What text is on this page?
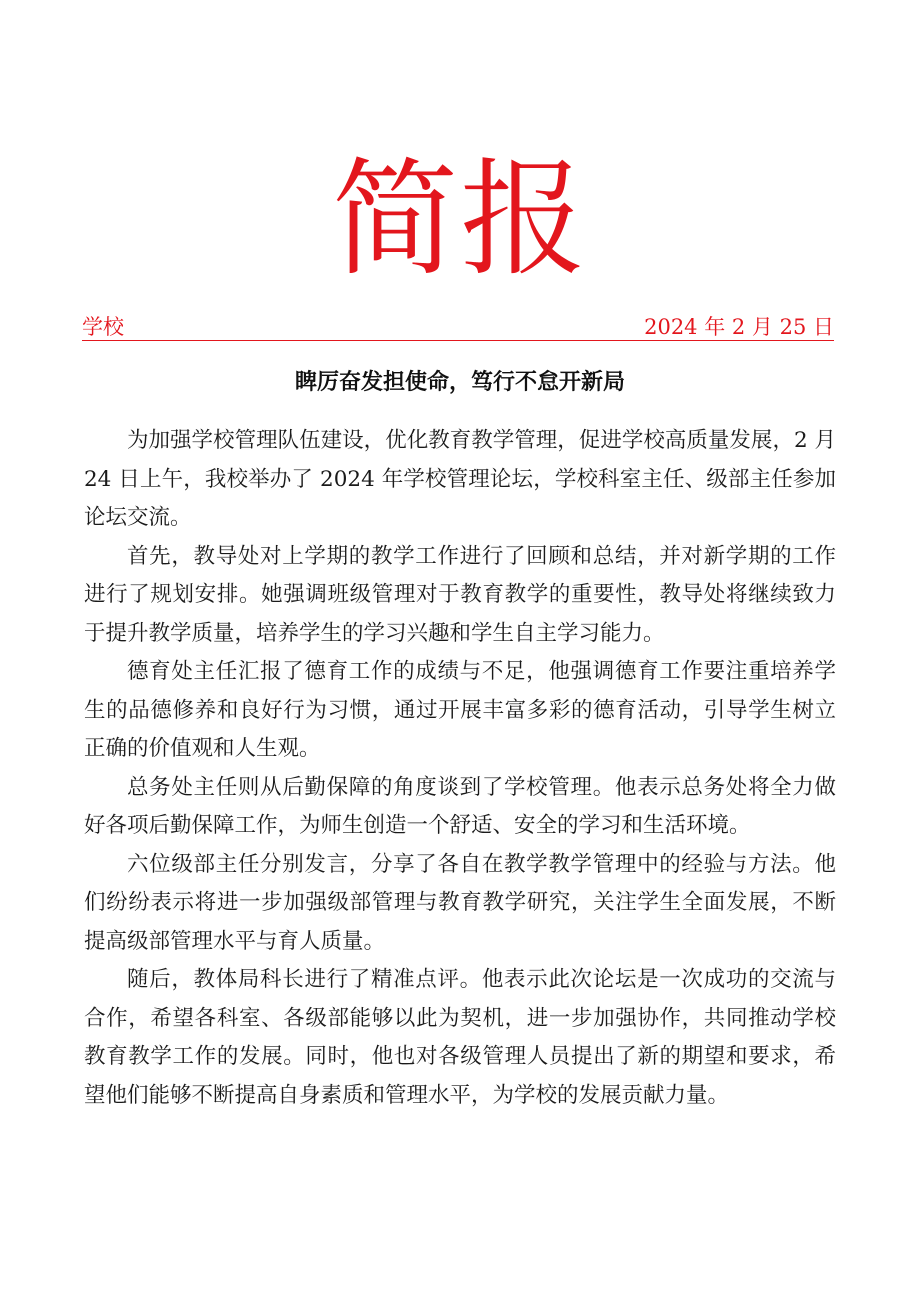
简报
学校	2024 年 2 月 25 日
睥厉奋发担使命，笃行不怠开新局

为加强学校管理队伍建设，优化教育教学管理，促进学校高质量发展，2 月 24 日上午，我校举办了 2024 年学校管理论坛，学校科室主任、级部主任参加论坛交流。

首先，教导处对上学期的教学工作进行了回顾和总结，并对新学期的工作进行了规划安排。她强调班级管理对于教育教学的重要性，教导处将继续致力于提升教学质量，培养学生的学习兴趣和学生自主学习能力。

德育处主任汇报了德育工作的成绩与不足，他强调德育工作要注重培养学生的品德修养和良好行为习惯，通过开展丰富多彩的德育活动，引导学生树立正确的价值观和人生观。

总务处主任则从后勤保障的角度谈到了学校管理。他表示总务处将全力做好各项后勤保障工作，为师生创造一个舒适、安全的学习和生活环境。

六位级部主任分别发言，分享了各自在教学教学管理中的经验与方法。他们纷纷表示将进一步加强级部管理与教育教学研究，关注学生全面发展，不断提高级部管理水平与育人质量。

随后，教体局科长进行了精准点评。他表示此次论坛是一次成功的交流与合作，希望各科室、各级部能够以此为契机，进一步加强协作，共同推动学校教育教学工作的发展。同时，他也对各级管理人员提出了新的期望和要求，希望他们能够不断提高自身素质和管理水平，为学校的发展贡献力量。
